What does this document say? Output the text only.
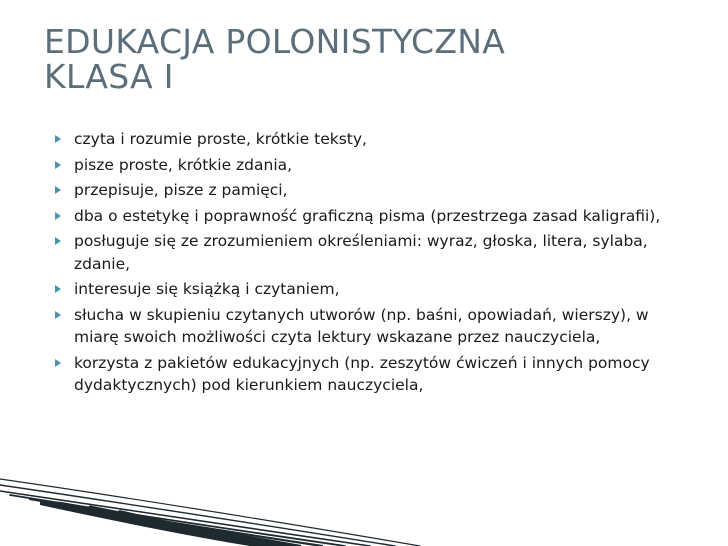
EDUKACJA POLONISTYCZNA
KLASA I
czyta i rozumie proste, krótkie teksty,
pisze proste, krótkie zdania,
przepisuje, pisze z pamięci,
dba o estetykę i poprawność graficzną pisma (przestrzega zasad kaligrafii),
posługuje się ze zrozumieniem określeniami: wyraz, głoska, litera, sylaba, zdanie,
interesuje się książką i czytaniem,
słucha w skupieniu czytanych utworów (np. baśni, opowiadań, wierszy), w miarę swoich możliwości czyta lektury wskazane przez nauczyciela,
korzysta z pakietów edukacyjnych (np. zeszytów ćwiczeń i innych pomocy dydaktycznych) pod kierunkiem nauczyciela,
